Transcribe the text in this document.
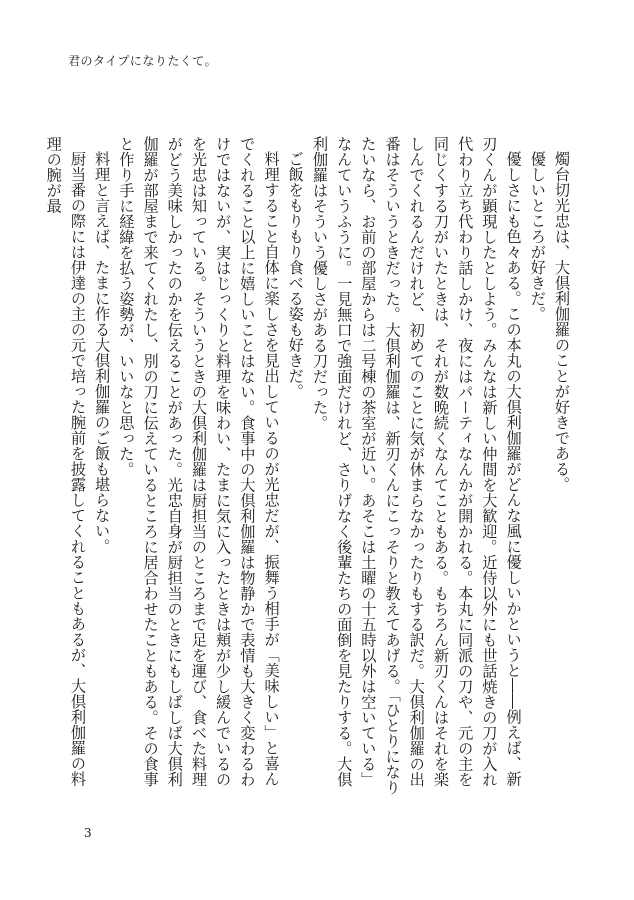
君のタイプになりたくて。

燭台切光忠は、大倶利伽羅のことが好きである。

優しいところが好きだ。

優しさにも色々ある。この本丸の大倶利伽羅がどんな風に優しいかというと――例えば、新刃くんが顕現したとしよう。みんなは新しい仲間を大歓迎。近侍以外にも世話焼きの刀が入れ代わり立ち代わり話しかけ、夜にはパーティなんかが開かれる。本丸に同派の刀や、元の主を同じくする刀がいたときは、それが数晩続くなんてこともある。もちろん新刃くんはそれを楽しんでくれるんだけれど、初めてのことに気が休まらなかったりもする訳だ。大倶利伽羅の出番はそういうときだった。大倶利伽羅は、新刃くんにこっそりと教えてあげる。「ひとりになりたいなら、お前の部屋からは二号棟の茶室が近い。あそこは土曜の十五時以外は空いている」なんていうふうに。一見無口で強面だけれど、さりげなく後輩たちの面倒を見たりする。大倶利伽羅はそういう優しさがある刀だった。

ご飯をもりもり食べる姿も好きだ。

料理すること自体に楽しさを見出しているのが光忠だが、振舞う相手が「美味しい」と喜んでくれること以上に嬉しいことはない。食事中の大倶利伽羅は物静かで表情も大きく変わるわけではないが、実はじっくりと料理を味わい、たまに気に入ったときは頬が少し緩んでいるのを光忠は知っている。そういうときの大倶利伽羅は厨担当のところまで足を運び、食べた料理がどう美味しかったのかを伝えることがあった。光忠自身が厨担当のときにもしばしば大倶利伽羅が部屋まで来てくれたし、別の刀に伝えているところに居合わせたこともある。その食事と作り手に経緯を払う姿勢が、いいなと思った。

料理と言えば、たまに作る大倶利伽羅のご飯も堪らない。

厨当番の際には伊達の主の元で培った腕前を披露してくれることもあるが、大倶利伽羅の料理の腕が最

3
